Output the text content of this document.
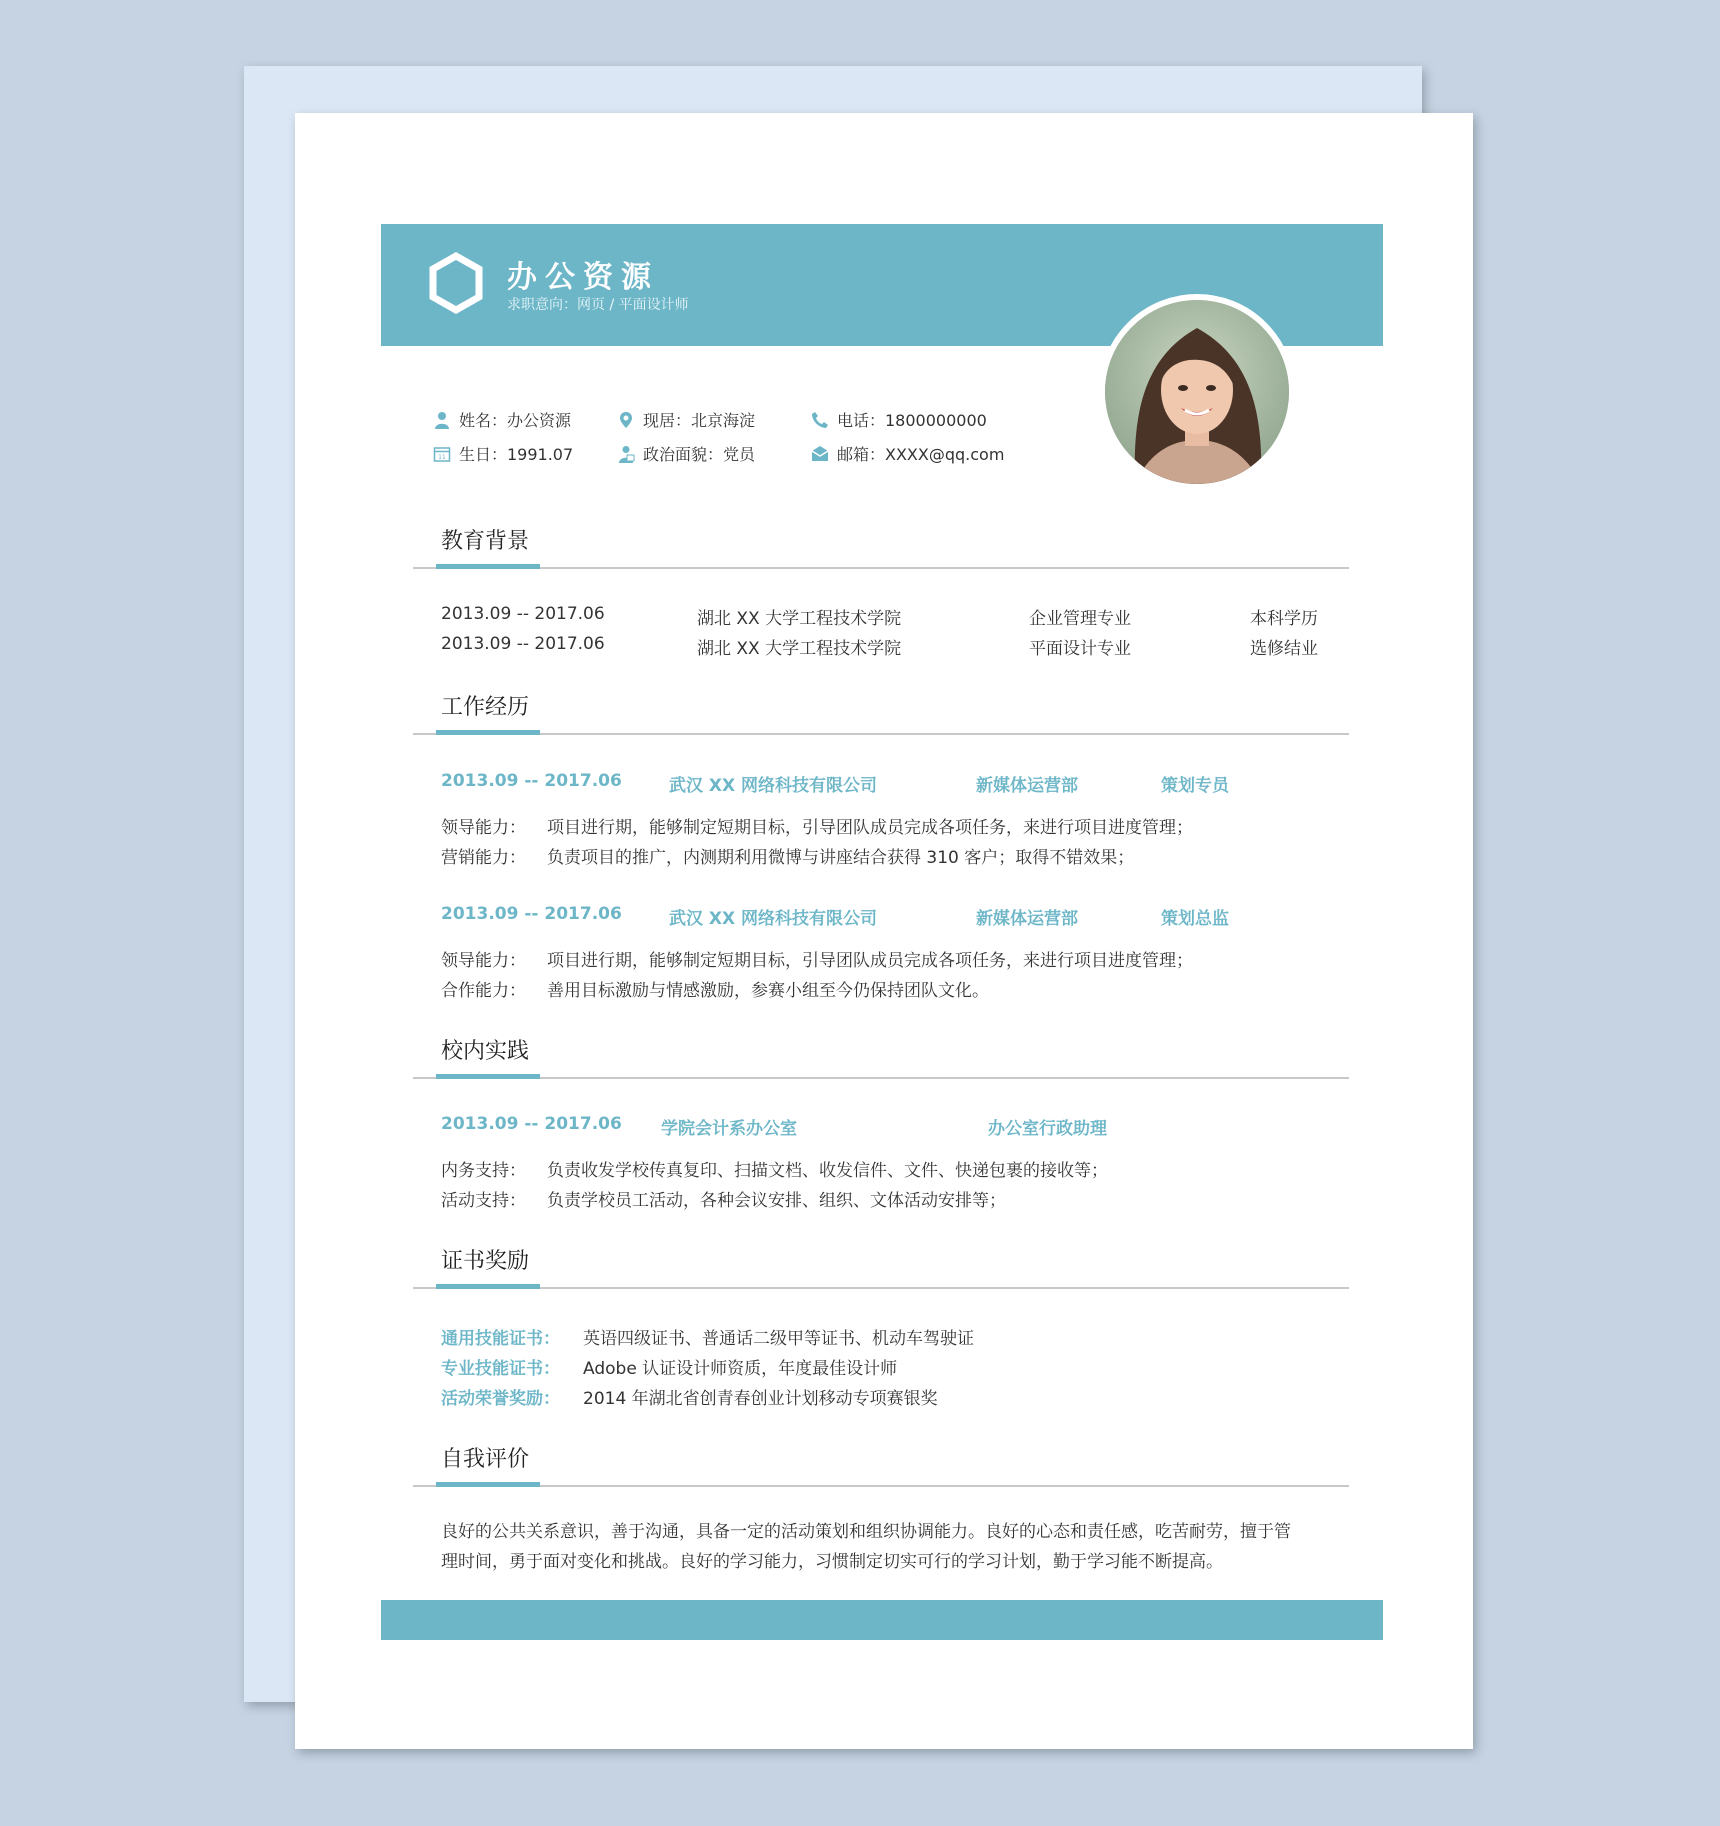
办公资源
求职意向：网页 / 平面设计师
姓名：办公资源	现居：北京海淀	电话：1800000000
11 生日：1991.07	政治面貌：党员	邮箱：XXXX@qq.com
教育背景
2013.09 -- 2017.06	湖北 XX 大学工程技术学院	企业管理专业	本科学历
2013.09 -- 2017.06	湖北 XX 大学工程技术学院	平面设计专业	选修结业
工作经历
2013.09 -- 2017.06	武汉 XX 网络科技有限公司	新媒体运营部	策划专员
领导能力： 项目进行期，能够制定短期目标，引导团队成员完成各项任务，来进行项目进度管理；
营销能力： 负责项目的推广，内测期利用微博与讲座结合获得 310 客户；取得不错效果；
2013.09 -- 2017.06	武汉 XX 网络科技有限公司	新媒体运营部	策划总监
领导能力： 项目进行期，能够制定短期目标，引导团队成员完成各项任务，来进行项目进度管理；
合作能力： 善用目标激励与情感激励，参赛小组至今仍保持团队文化。
校内实践
2013.09 -- 2017.06 学院会计系办公室	办公室行政助理
内务支持： 负责收发学校传真复印、扫描文档、收发信件、文件、快递包裹的接收等；
活动支持： 负责学校员工活动，各种会议安排、组织、文体活动安排等；
证书奖励
通用技能证书： 英语四级证书、普通话二级甲等证书、机动车驾驶证
专业技能证书： Adobe 认证设计师资质，年度最佳设计师
活动荣誉奖励： 2014 年湖北省创青春创业计划移动专项赛银奖
自我评价
良好的公共关系意识，善于沟通，具备一定的活动策划和组织协调能力。良好的心态和责任感，吃苦耐劳，擅于管
理时间，勇于面对变化和挑战。良好的学习能力，习惯制定切实可行的学习计划，勤于学习能不断提高。
